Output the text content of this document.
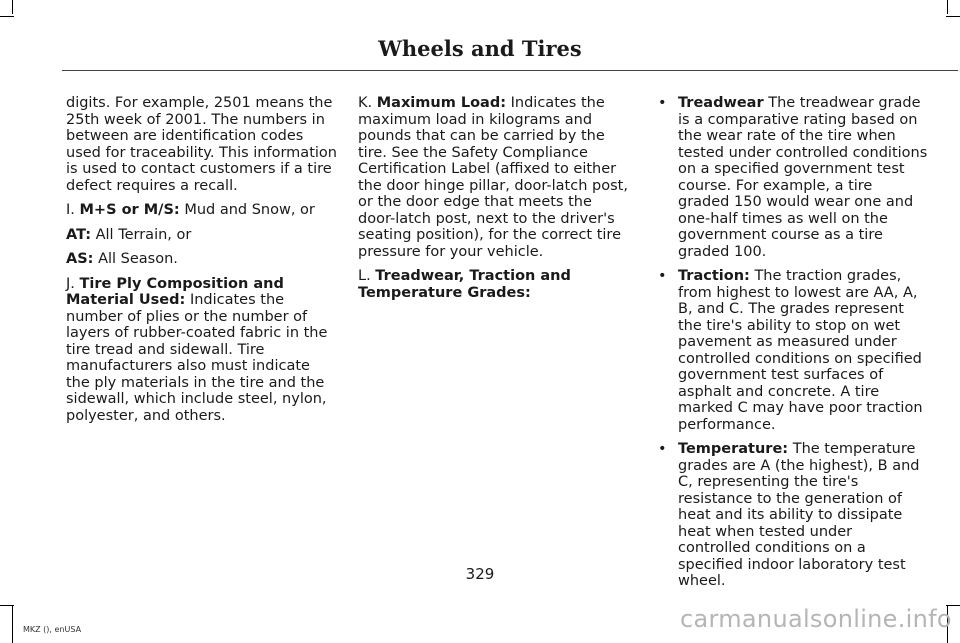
Wheels and Tires

digits. For example, 2501 means the 25th week of 2001. The numbers in between are identification codes used for traceability. This information is used to contact customers if a tire defect requires a recall.

I. M+S or M/S: Mud and Snow, or

AT: All Terrain, or

AS: All Season.

J. Tire Ply Composition and Material Used: Indicates the number of plies or the number of layers of rubber-coated fabric in the tire tread and sidewall. Tire manufacturers also must indicate the ply materials in the tire and the sidewall, which include steel, nylon, polyester, and others.

K. Maximum Load: Indicates the maximum load in kilograms and pounds that can be carried by the tire. See the Safety Compliance Certification Label (affixed to either the door hinge pillar, door-latch post, or the door edge that meets the door-latch post, next to the driver's seating position), for the correct tire pressure for your vehicle.

L. Treadwear, Traction and Temperature Grades:

• Treadwear The treadwear grade is a comparative rating based on the wear rate of the tire when tested under controlled conditions on a specified government test course. For example, a tire graded 150 would wear one and one-half times as well on the government course as a tire graded 100.
• Traction: The traction grades, from highest to lowest are AA, A, B, and C. The grades represent the tire's ability to stop on wet pavement as measured under controlled conditions on specified government test surfaces of asphalt and concrete. A tire marked C may have poor traction performance.
• Temperature: The temperature grades are A (the highest), B and C, representing the tire's resistance to the generation of heat and its ability to dissipate heat when tested under controlled conditions on a specified indoor laboratory test wheel.
329
MKZ (), enUSA	carmanualsonline.info
